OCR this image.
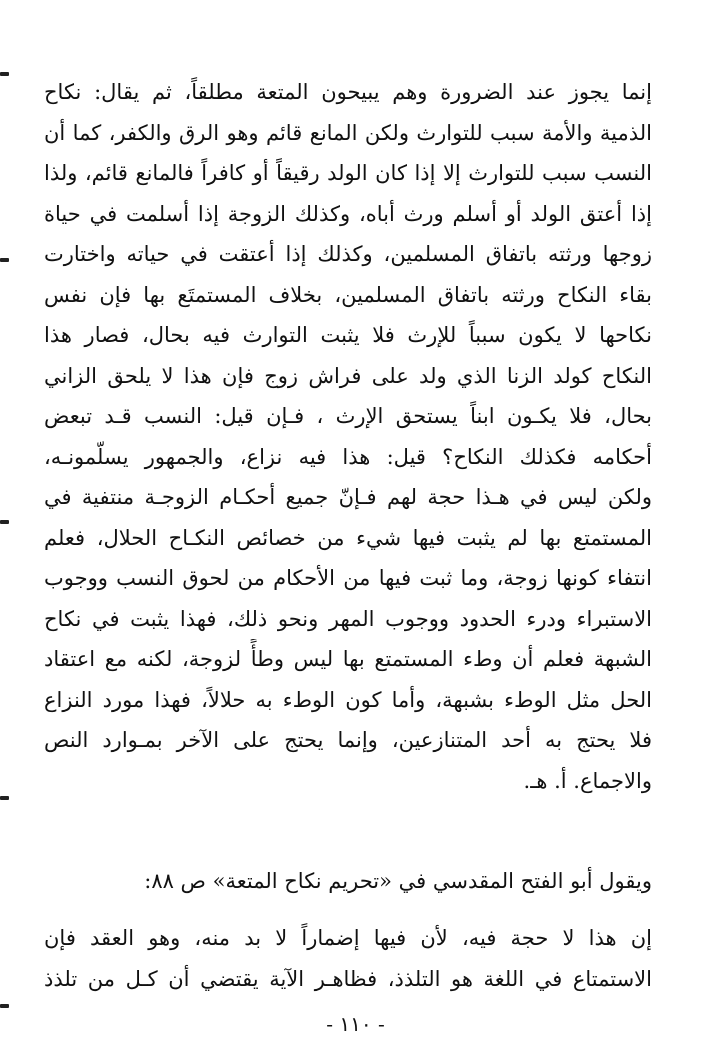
إنما يجوز عند الضرورة وهم يبيحون المتعة مطلقاً، ثم يقال: نكاح
الذمية والأمة سبب للتوارث ولكن المانع قائم وهو الرق والكفر، كما أن
النسب سبب للتوارث إلا إذا كان الولد رقيقاً أو كافراً فالمانع قائم، ولذا
إذا أعتق الولد أو أسلم ورث أباه، وكذلك الزوجة إذا أسلمت في حياة
زوجها ورثته باتفاق المسلمين، وكذلك إذا أعتقت في حياته واختارت
بقاء النكاح ورثته باتفاق المسلمين، بخلاف المستمتَع بها فإن نفس
نكاحها لا يكون سبباً للإرث فلا يثبت التوارث فيه بحال، فصار هذا
النكاح كولد الزنا الذي ولد على فراش زوج فإن هذا لا يلحق الزاني
بحال، فلا يكـون ابناً يستحق الإرث ، فـإن قيل: النسب قـد تبعض
أحكامه فكذلك النكاح؟ قيل: هذا فيه نزاع، والجمهور يسلّمونـه،
ولكن ليس في هـذا حجة لهم فـإنّ جميع أحكـام الزوجـة منتفية في
المستمتع بها لم يثبت فيها شيء من خصائص النكـاح الحلال، فعلم
انتفاء كونها زوجة، وما ثبت فيها من الأحكام من لحوق النسب ووجوب
الاستبراء ودرء الحدود ووجوب المهر ونحو ذلك، فهذا يثبت في نكاح
الشبهة فعلم أن وطء المستمتع بها ليس وطأً لزوجة، لكنه مع اعتقاد
الحل مثل الوطء بشبهة، وأما كون الوطء به حلالاً، فهذا مورد النزاع
فلا يحتج به أحد المتنازعين، وإنما يحتج على الآخر بمـوارد النص
والاجماع. أ. هـ.
ويقول أبو الفتح المقدسي في «تحريم نكاح المتعة» ص ٨٨:
إن هذا لا حجة فيه، لأن فيها إضماراً لا بد منه، وهو العقد فإن
الاستمتاع في اللغة هو التلذذ، فظاهـر الآية يقتضي أن كـل من تلذذ
- ١١٠ -
